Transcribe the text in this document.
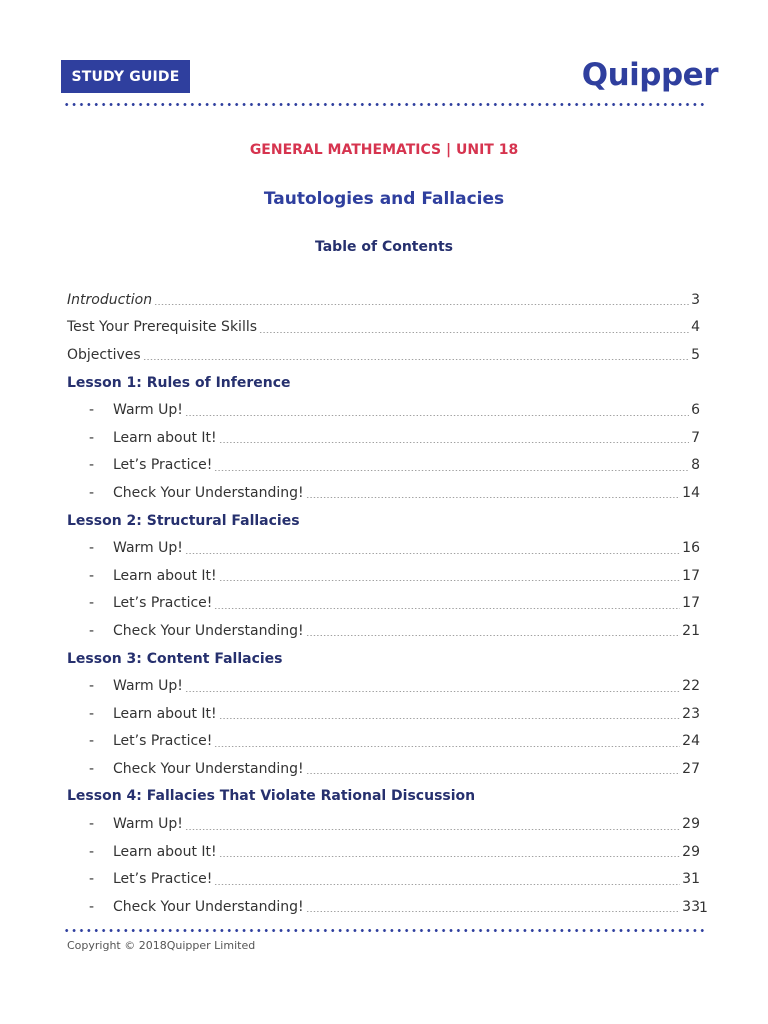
STUDY GUIDE	Quipper
GENERAL MATHEMATICS | UNIT 18
Tautologies and Fallacies
Table of Contents
Introduction	3
Test Your Prerequisite Skills	4
Objectives	5
Lesson 1: Rules of Inference
-	Warm Up!	6
-	Learn about It!	7
-	Let’s Practice!	8
-	Check Your Understanding!	14
Lesson 2: Structural Fallacies
-	Warm Up!	16
-	Learn about It!	17
-	Let’s Practice!	17
-	Check Your Understanding!	21
Lesson 3: Content Fallacies
-	Warm Up!	22
-	Learn about It!	23
-	Let’s Practice!	24
-	Check Your Understanding!	27
Lesson 4: Fallacies That Violate Rational Discussion
-	Warm Up!	29
-	Learn about It!	29
-	Let’s Practice!	31
-	Check Your Understanding!	33 1
Copyright © 2018Quipper Limited
